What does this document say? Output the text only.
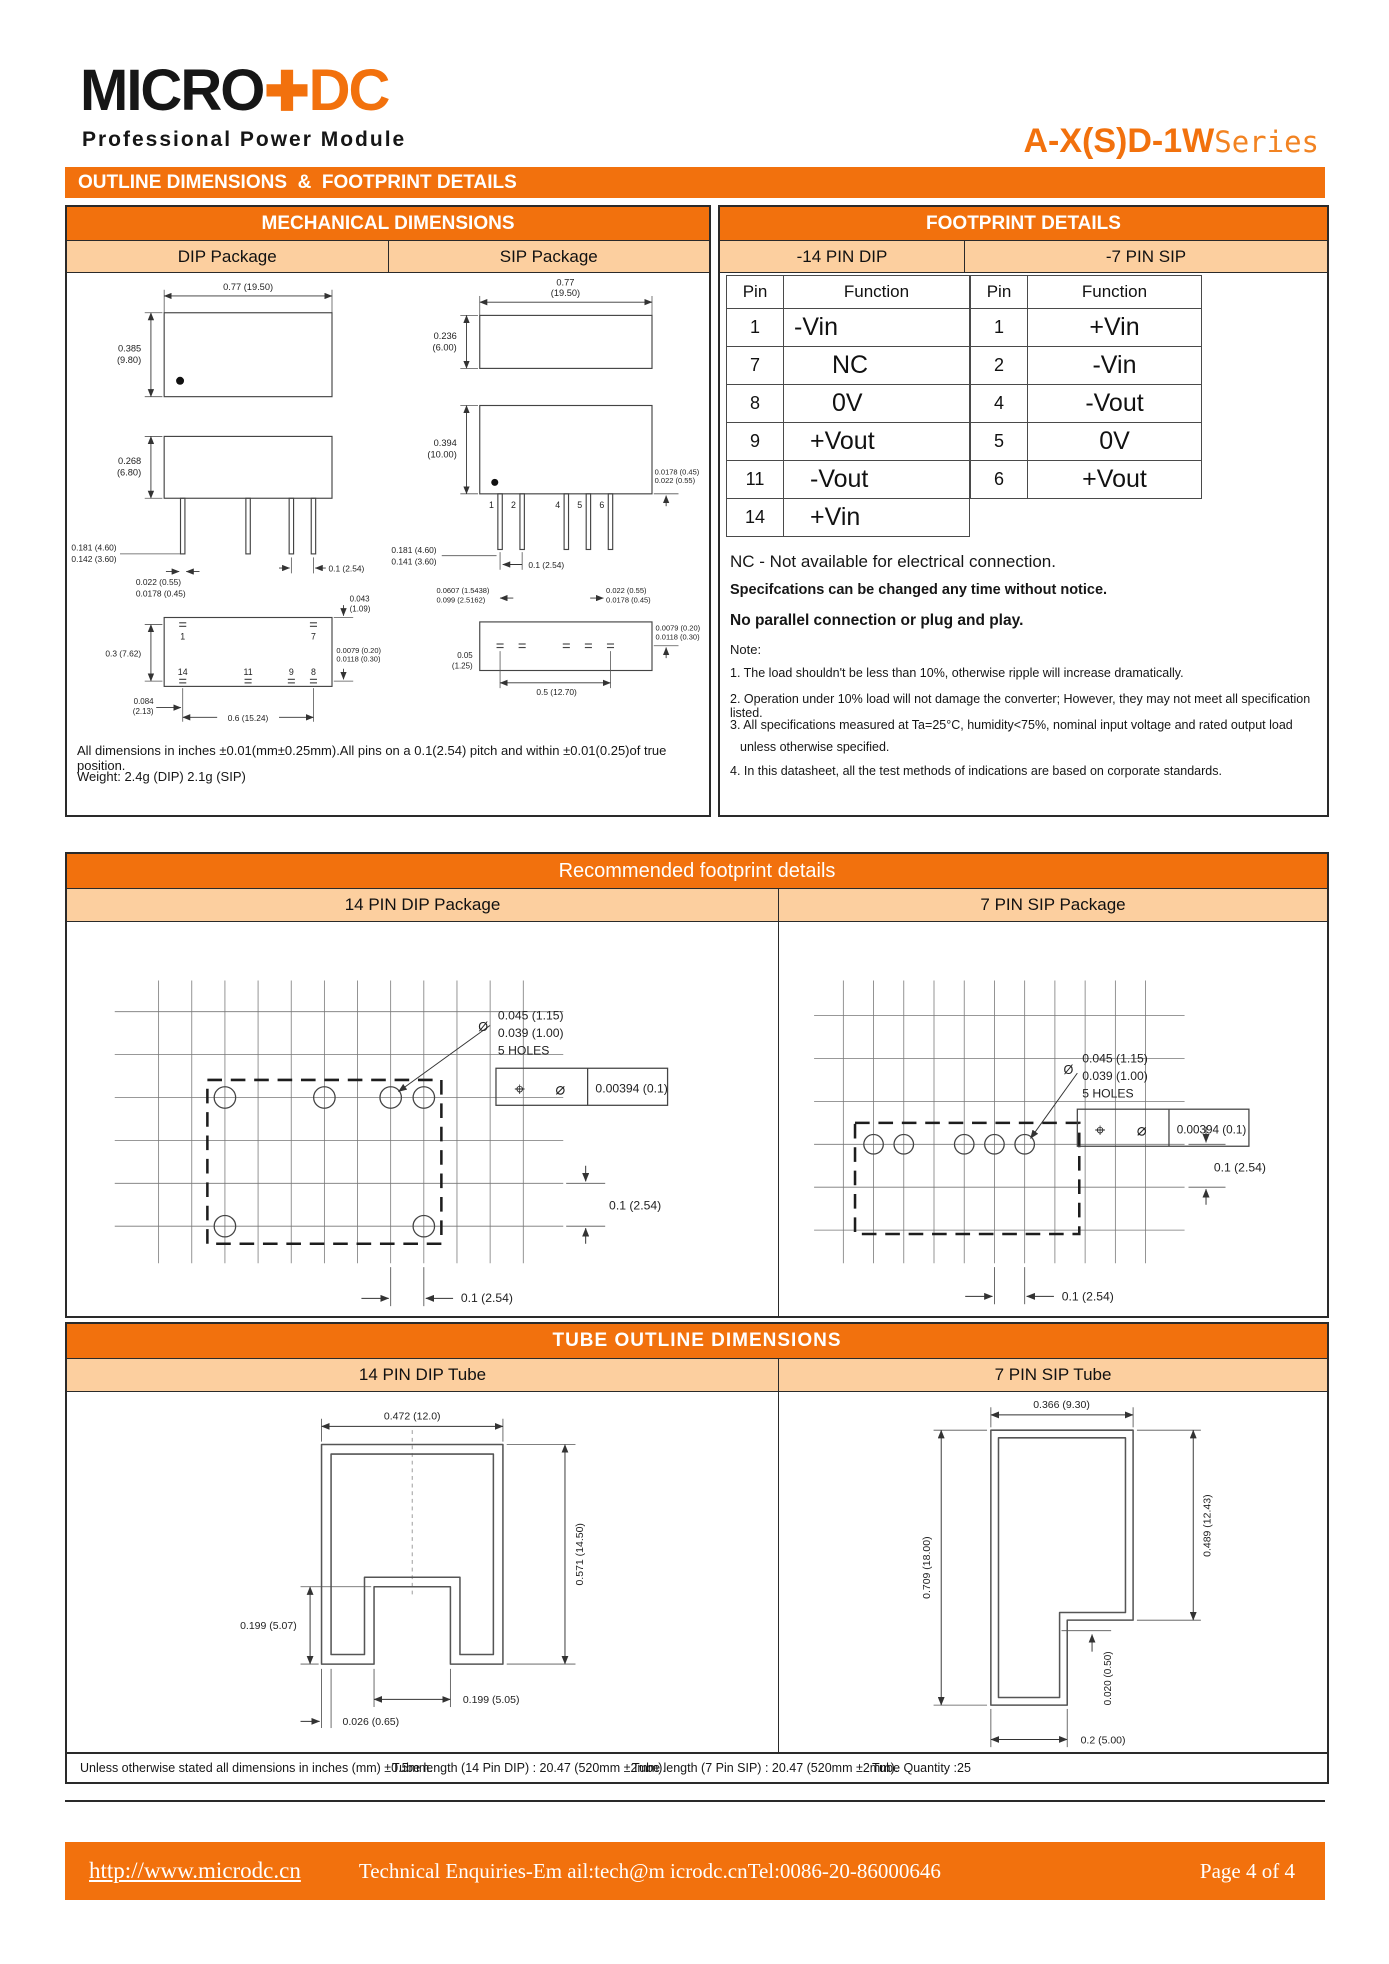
MICRO✚DC
Professional Power Module	A-X(S)D-1WSeries
OUTLINE DIMENSIONS  &  FOOTPRINT DETAILS
MECHANICAL DIMENSIONS
DIP Package	SIP Package
0.77 (19.50)
0.385
(9.80)
0.268
(6.80)
0.181 (4.60)
0.142 (3.60)
0.022 (0.55)
0.0178 (0.45)
0.1 (2.54)
1	7
14	11	9 8
0.3 (7.62)
0.043
(1.09)
0.0118 (0.30)
0.0079 (0.20)
0.084
(2.13)
0.6 (15.24)
0.77
(19.50)
0.236
(6.00)
0.394
(10.00)
1 2	4 5 6
0.022 (0.55)
0.0178 (0.45)
0.181 (4.60)
0.141 (3.60)	0.1 (2.54)
0.0607 (1.5438)
0.099 (2.5162)
0.022 (0.55)
0.0178 (0.45)
0.0118 (0.30)
0.0079 (0.20)
0.05
(1.25)
0.5 (12.70)
All dimensions in inches ±0.01(mm±0.25mm).All pins on a 0.1(2.54) pitch and within ±0.01(0.25)of true position.
Weight: 2.4g (DIP) 2.1g (SIP)
FOOTPRINT DETAILS
-14 PIN DIP	-7 PIN SIP
Pin	Function
1	-Vin
7	NC
8	0V
9	+Vout
11	-Vout
14	+Vin
Pin	Function
1	+Vin
2	-Vin
4	-Vout
5	0V
6	+Vout
NC - Not available for electrical connection.
Specifcations can be changed any time without notice.
No parallel connection or plug and play.
Note:
1. The load shouldn't be less than 10%, otherwise ripple will increase dramatically.
2. Operation under 10% load will not damage the converter; However, they may not meet all specification listed.
3. All specifications measured at Ta=25°C, humidity<75%, nominal input voltage and rated output load
unless otherwise specified.
4. In this datasheet, all the test methods of indications are based on corporate standards.
Recommended footprint details
14 PIN DIP Package	7 PIN SIP Package
Ø
0.045 (1.15)
0.039 (1.00)
5 HOLES
⌖ ⌀ 0.00394 (0.1)
0.1 (2.54)
0.1 (2.54)
Ø
0.045 (1.15)
0.039 (1.00)
5 HOLES
⌖ ⌀ 0.00394 (0.1)
0.1 (2.54)
0.1 (2.54)
TUBE OUTLINE DIMENSIONS
14 PIN DIP Tube	7 PIN SIP Tube
0.472 (12.0)
0.571 (14.50)
0.199 (5.07)
0.199 (5.05)
0.026 (0.65)
0.366 (9.30)
0.709 (18.00)
0.489 (12.43)
0.020 (0.50)
0.2 (5.00)
Unless otherwise stated all dimensions in inches (mm) ±0.5mm.
Tube length (14 Pin DIP) : 20.47 (520mm ±2mm).
Tube length (7 Pin SIP) : 20.47 (520mm ±2mm).
Tube Quantity :25
http://www.microdc.cn	Technical Enquiries-Em ail:tech@m icrodc.cn Tel:0086-20-86000646	Page 4 of 4
